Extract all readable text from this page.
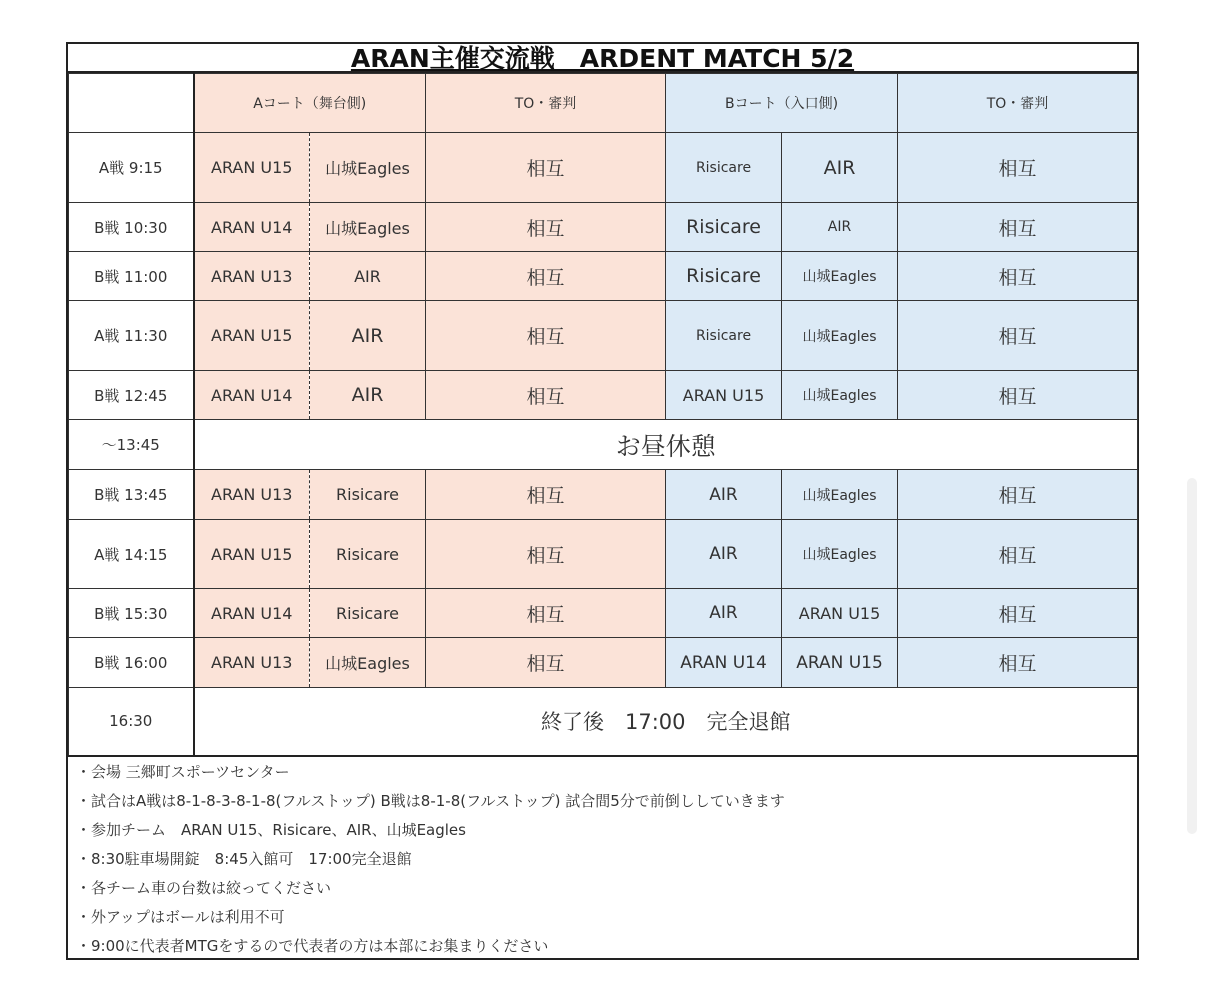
ARAN主催交流戦　ARDENT MATCH 5/2
	Aコート（舞台側)		TO・審判	Bコート（入口側)		TO・審判
A戦 9:15	ARAN U15	山城Eagles	相互	Risicare	AIR	相互
B戦 10:30	ARAN U14	山城Eagles	相互	Risicare	AIR	相互
B戦 11:00	ARAN U13	AIR	相互	Risicare	山城Eagles	相互
A戦 11:30	ARAN U15	AIR	相互	Risicare	山城Eagles	相互
B戦 12:45	ARAN U14	AIR	相互	ARAN U15	山城Eagles	相互
～13:45	お昼休憩					
B戦 13:45	ARAN U13	Risicare	相互	AIR	山城Eagles	相互
A戦 14:15	ARAN U15	Risicare	相互	AIR	山城Eagles	相互
B戦 15:30	ARAN U14	Risicare	相互	AIR	ARAN U15	相互
B戦 16:00	ARAN U13	山城Eagles	相互	ARAN U14	ARAN U15	相互
16:30	終了後　17:00　完全退館					
・会場 三郷町スポーツセンター
・試合はA戦は8-1-8-3-8-1-8(フルストップ) B戦は8-1-8(フルストップ) 試合間5分で前倒ししていきます
・参加チーム　ARAN U15、Risicare、AIR、山城Eagles
・8:30駐車場開錠　8:45入館可　17:00完全退館
・各チーム車の台数は絞ってください
・外アップはボールは利用不可
・9:00に代表者MTGをするので代表者の方は本部にお集まりください
